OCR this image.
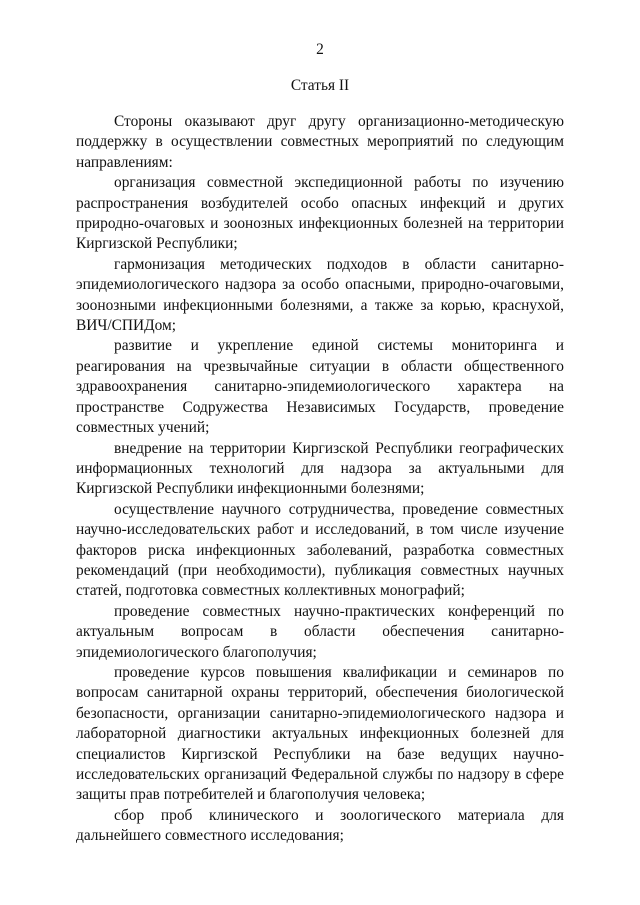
2
Статья II

Стороны оказывают друг другу организационно-методическую поддержку в осуществлении совместных мероприятий по следующим направлениям:

организация совместной экспедиционной работы по изучению распространения возбудителей особо опасных инфекций и других природно-очаговых и зоонозных инфекционных болезней на территории Киргизской Республики;

гармонизация методических подходов в области санитарно-эпидемиологического надзора за особо опасными, природно-очаговыми, зоонозными инфекционными болезнями, а также за корью, краснухой, ВИЧ/СПИДом;

развитие и укрепление единой системы мониторинга и реагирования на чрезвычайные ситуации в области общественного здравоохранения санитарно-эпидемиологического характера на пространстве Содружества Независимых Государств, проведение совместных учений;

внедрение на территории Киргизской Республики географических информационных технологий для надзора за актуальными для Киргизской Республики инфекционными болезнями;

осуществление научного сотрудничества, проведение совместных научно-исследовательских работ и исследований, в том числе изучение факторов риска инфекционных заболеваний, разработка совместных рекомендаций (при необходимости), публикация совместных научных статей, подготовка совместных коллективных монографий;

проведение совместных научно-практических конференций по актуальным вопросам в области обеспечения санитарно-эпидемиологического благополучия;

проведение курсов повышения квалификации и семинаров по вопросам санитарной охраны территорий, обеспечения биологической безопасности, организации санитарно-эпидемиологического надзора и лабораторной диагностики актуальных инфекционных болезней для специалистов Киргизской Республики на базе ведущих научно-исследовательских организаций Федеральной службы по надзору в сфере защиты прав потребителей и благополучия человека;

сбор проб клинического и зоологического материала для дальнейшего совместного исследования;
